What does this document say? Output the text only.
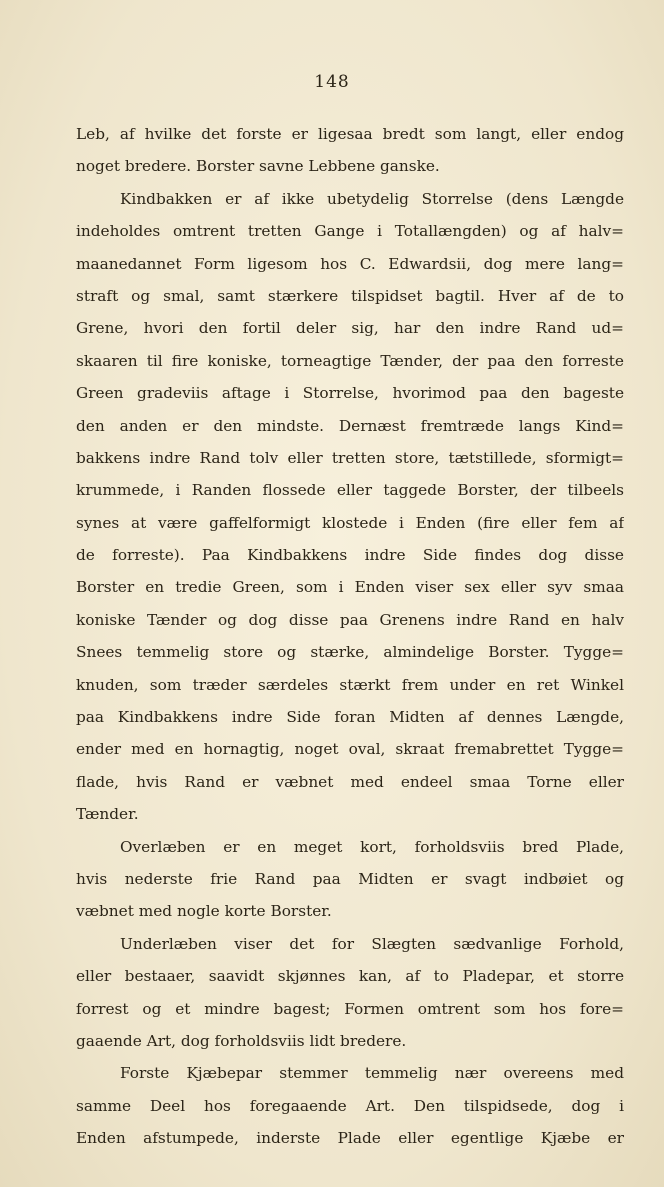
148
Leb, af hvilke det forste er ligesaa bredt som langt, eller endog
noget bredere. Borster savne Lebbene ganske.
Kindbakken er af ikke ubetydelig Storrelse (dens Længde
indeholdes omtrent tretten Gange i Totallængden) og af halv=
maanedannet Form ligesom hos C. Edwardsii, dog mere lang=
straft og smal, samt stærkere tilspidset bagtil. Hver af de to
Grene, hvori den fortil deler sig, har den indre Rand ud=
skaaren til fire koniske, torneagtige Tænder, der paa den forreste
Green gradeviis aftage i Storrelse, hvorimod paa den bageste
den anden er den mindste. Dernæst fremtræde langs Kind=
bakkens indre Rand tolv eller tretten store, tætstillede, sformigt=
krummede, i Randen flossede eller taggede Borster, der tilbeels
synes at være gaffelformigt klostede i Enden (fire eller fem af
de forreste). Paa Kindbakkens indre Side findes dog disse
Borster en tredie Green, som i Enden viser sex eller syv smaa
koniske Tænder og dog disse paa Grenens indre Rand en halv
Snees temmelig store og stærke, almindelige Borster. Tygge=
knuden, som træder særdeles stærkt frem under en ret Winkel
paa Kindbakkens indre Side foran Midten af dennes Længde,
ender med en hornagtig, noget oval, skraat fremabrettet Tygge=
flade, hvis Rand er væbnet med endeel smaa Torne eller
Tænder.
Overlæben er en meget kort, forholdsviis bred Plade,
hvis nederste frie Rand paa Midten er svagt indbøiet og
væbnet med nogle korte Borster.
Underlæben viser det for Slægten sædvanlige Forhold,
eller bestaaer, saavidt skjønnes kan, af to Pladepar, et storre
forrest og et mindre bagest; Formen omtrent som hos fore=
gaaende Art, dog forholdsviis lidt bredere.
Forste Kjæbepar stemmer temmelig nær overeens med
samme Deel hos foregaaende Art. Den tilspidsede, dog i
Enden afstumpede, inderste Plade eller egentlige Kjæbe er
